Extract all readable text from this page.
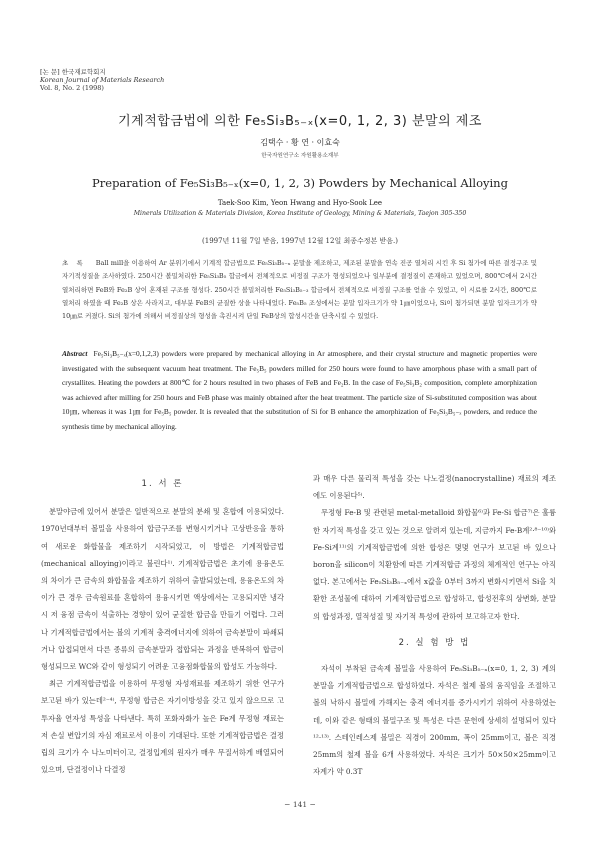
[논 문] 한국재료학회지
Korean Journal of Materials Research
Vol. 8, No. 2 (1998)
기계적합금법에 의한 Fe₅Si₃B₅₋ₓ(x=0, 1, 2, 3) 분말의 제조
김택수 · 황 연 · 이효숙
한국자원연구소 자원활용소재부
Preparation of Fe₅Si₃B₅₋ₓ(x=0, 1, 2, 3) Powders by Mechanical Alloying
Taek-Soo Kim, Yeon Hwang and Hyo-Sook Lee
Minerals Utilization & Materials Division, Korea Institute of Geology, Mining & Materials, Taejon 305-350
(1997년 11월 7일 받음, 1997년 12월 12일 최종수정본 받음.)
초 록 Ball mill을 이용하여 Ar 분위기에서 기계적 합금법으로 Fe₅Si₃B₅₋ₓ 분말을 제조하고, 제조된 분말을 연속 진공 열처리 시킨 후 Si 첨가에 따른 결정구조 및 자기적성질을 조사하였다. 250시간 볼밀처리한 Fe₅Si₃B₅ 합금에서 전체적으로 비정질 구조가 형성되었으나 일부분에 결정질이 존재하고 있었으며, 800℃에서 2시간 열처리하면 FeB와 Fe₂B 상이 혼재된 구조를 형성다. 250시간 볼밀처리한 Fe₅Si₃B₅₋₃ 합금에서 전체적으로 비정질 구조를 얻을 수 있었고, 이 시료를 2시간, 800℃로 열처리 하였을 때 Fe₂B 상은 사라지고, 대부분 FeB의 균질한 상을 나타내었다. Fe₅B₅ 조성에서는 분말 입자크기가 약 1㎛이었으나, Si이 첨가되면 분말 입자크기가 약 10㎛로 커졌다. Si의 첨가에 의해서 비정질상의 형성을 촉진시켜 단일 FeB상의 합성시간을 단축시킬 수 있었다.
Abstract Fe₅Si₃B₅₋ₓ(x=0,1,2,3) powders were prepared by mechanical alloying in Ar atmosphere, and their crystal structure and magnetic properties were investigated with the subsequent vacuum heat treatment. The Fe₅B₅ powders milled for 250 hours were found to have amorphous phase with a small part of crystallites. Heating the powders at 800℃ for 2 hours resulted in two phases of FeB and Fe₂B. In the case of Fe₅Si₃B₂ composition, complete amorphization was achieved after milling for 250 hours and FeB phase was mainly obtained after the heat treatment. The particle size of Si-substituted composition was about 10㎛, whereas it was 1㎛ for Fe₅B₅ powder. It is revealed that the substitution of Si for B enhance the amorphization of Fe₅Si₃B₅₋ₓ powders, and reduce the synthesis time by mechanical alloying.
1. 서 론

분말야금에 있어서 분말은 일반적으로 분말의 분쇄 및 혼합에 이용되었다. 1970년대부터 볼밀을 사용하여 합금구조를 변형시키거나 고상반응을 통하여 새로운 화합물을 제조하기 시작되었고, 이 방법은 기계적합금법(mechanical alloying)이라고 불린다¹⁾. 기계적합금법은 초기에 용융온도의 차이가 큰 금속의 화합물을 제조하기 위하여 출발되었는데, 용융온도의 차이가 큰 경우 금속원료를 혼합하여 용융시키면 액상에서는 고용되지만 냉각시 저 융점 금속이 석출하는 경향이 있어 균질한 합금을 만들기 어렵다. 그러나 기계적합금법에서는 볼의 기계적 충격에너지에 의하여 금속분말이 파쇄되거나 압접되면서 다른 종류의 금속분말과 접합되는 과정을 반복하여 합금이 형성되므로 WC와 같이 형성되기 어려운 고융점화합물의 합성도 가능하다.

최근 기계적합금법을 이용하여 무정형 자성재료를 제조하기 위한 연구가 보고된 바가 있는데²⁻⁴⁾, 무정형 합금은 자기이방성을 갖고 있지 않으므로 고투자율 연자성 특성을 나타낸다. 특히 포화자화가 높은 Fe계 무정형 재료는 저 손실 변압기의 자심 재료로서 이용이 기대된다. 또한 기계적합금법은 결정립의 크기가 수 나노미터이고, 결정입계의 원자가 매우 무질서하게 배열되어 있으며, 단결정이나 다결정

과 매우 다른 물리적 특성을 갖는 나노결정(nanocrystalline) 재료의 제조에도 이용된다⁵⁾.

무정형 Fe-B 및 관련된 metal-metalloid 화합물⁶⁾과 Fe-Si 합금⁷⁾은 훌륭한 자기적 특성을 갖고 있는 것으로 알려져 있는데, 지금까지 Fe-B계²·⁸⁻¹⁰⁾와 Fe-Si계¹¹⁾의 기계적합금법에 의한 합성은 몇몇 연구가 보고된 바 있으나 boron을 silicon이 치환함에 따른 기계적합금 과정의 체계적인 연구는 아직 없다. 본고에서는 Fe₅Si₃B₅₋ₓ에서 x값을 0부터 3까지 변화시키면서 Si을 치환한 조성물에 대하여 기계적합금법으로 합성하고, 합성전후의 상변화, 분말의 합성과정, 열적성질 및 자기적 특성에 관하여 보고하고자 한다.

2. 실 험 방 법

자석이 부착된 금속제 볼밀을 사용하여 Fe₅Si₃B₅₋ₓ(x=0, 1, 2, 3) 계의 분말을 기계적합금법으로 합성하였다. 자석은 철제 볼의 움직임을 조절하고 볼의 낙하시 볼밀에 가해지는 충격 에너지를 증가시키기 위하여 사용하였는데, 이와 같은 형태의 볼밀구조 및 특성은 다른 문헌에 상세히 설명되어 있다¹²·¹³⁾. 스테인레스제 볼밀은 직경이 200mm, 폭이 25mm이고, 볼은 직경 25mm의 철제 볼을 6개 사용하였다. 자석은 크기가 50×50×25mm이고 자계가 약 0.3T

− 141 −
